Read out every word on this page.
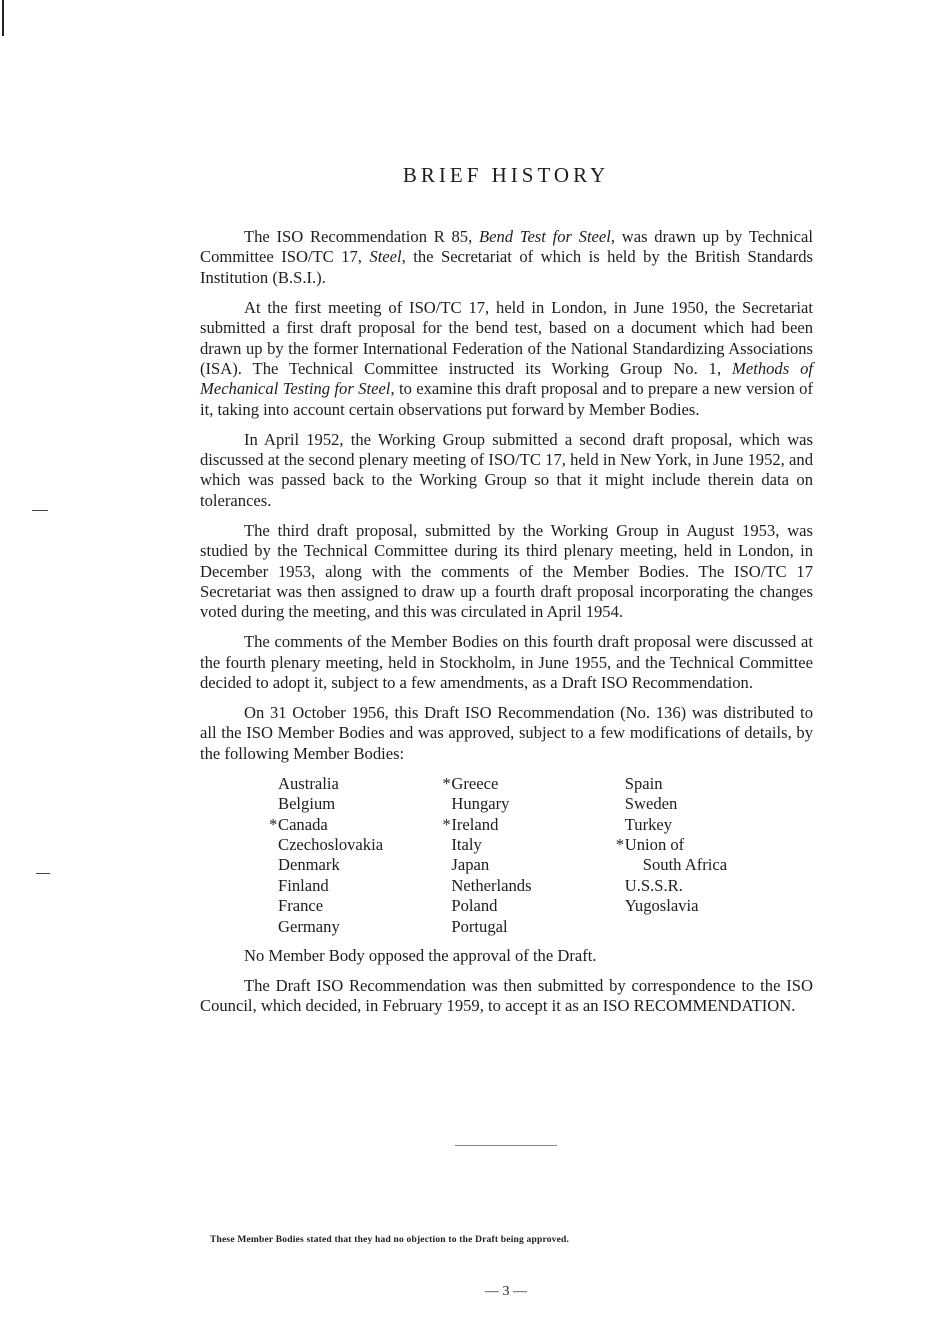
BRIEF HISTORY

The ISO Recommendation R 85, Bend Test for Steel, was drawn up by Technical Committee ISO/TC 17, Steel, the Secretariat of which is held by the British Standards Institution (B.S.I.).

At the first meeting of ISO/TC 17, held in London, in June 1950, the Secretariat submitted a first draft proposal for the bend test, based on a document which had been drawn up by the former International Federation of the National Standardizing Associations (ISA). The Technical Committee instructed its Working Group No. 1, Methods of Mechanical Testing for Steel, to examine this draft proposal and to prepare a new version of it, taking into account certain observations put forward by Member Bodies.

In April 1952, the Working Group submitted a second draft proposal, which was discussed at the second plenary meeting of ISO/TC 17, held in New York, in June 1952, and which was passed back to the Working Group so that it might include therein data on tolerances.

The third draft proposal, submitted by the Working Group in August 1953, was studied by the Technical Committee during its third plenary meeting, held in London, in December 1953, along with the comments of the Member Bodies. The ISO/TC 17 Secretariat was then assigned to draw up a fourth draft proposal incorporating the changes voted during the meeting, and this was circulated in April 1954.

The comments of the Member Bodies on this fourth draft proposal were discussed at the fourth plenary meeting, held in Stockholm, in June 1955, and the Technical Committee decided to adopt it, subject to a few amendments, as a Draft ISO Recommendation.

On 31 October 1956, this Draft ISO Recommendation (No. 136) was distributed to all the ISO Member Bodies and was approved, subject to a few modifications of details, by the following Member Bodies:

Australia
Belgium
*Canada
Czechoslovakia
Denmark
Finland
France
Germany
*Greece
Hungary
*Ireland
Italy
Japan
Netherlands
Poland
Portugal
Spain
Sweden
Turkey
*Union of
South Africa
U.S.S.R.
Yugoslavia

No Member Body opposed the approval of the Draft.

The Draft ISO Recommendation was then submitted by correspondence to the ISO Council, which decided, in February 1959, to accept it as an ISO RECOMMENDATION.

These Member Bodies stated that they had no objection to the Draft being approved.
— 3 —
